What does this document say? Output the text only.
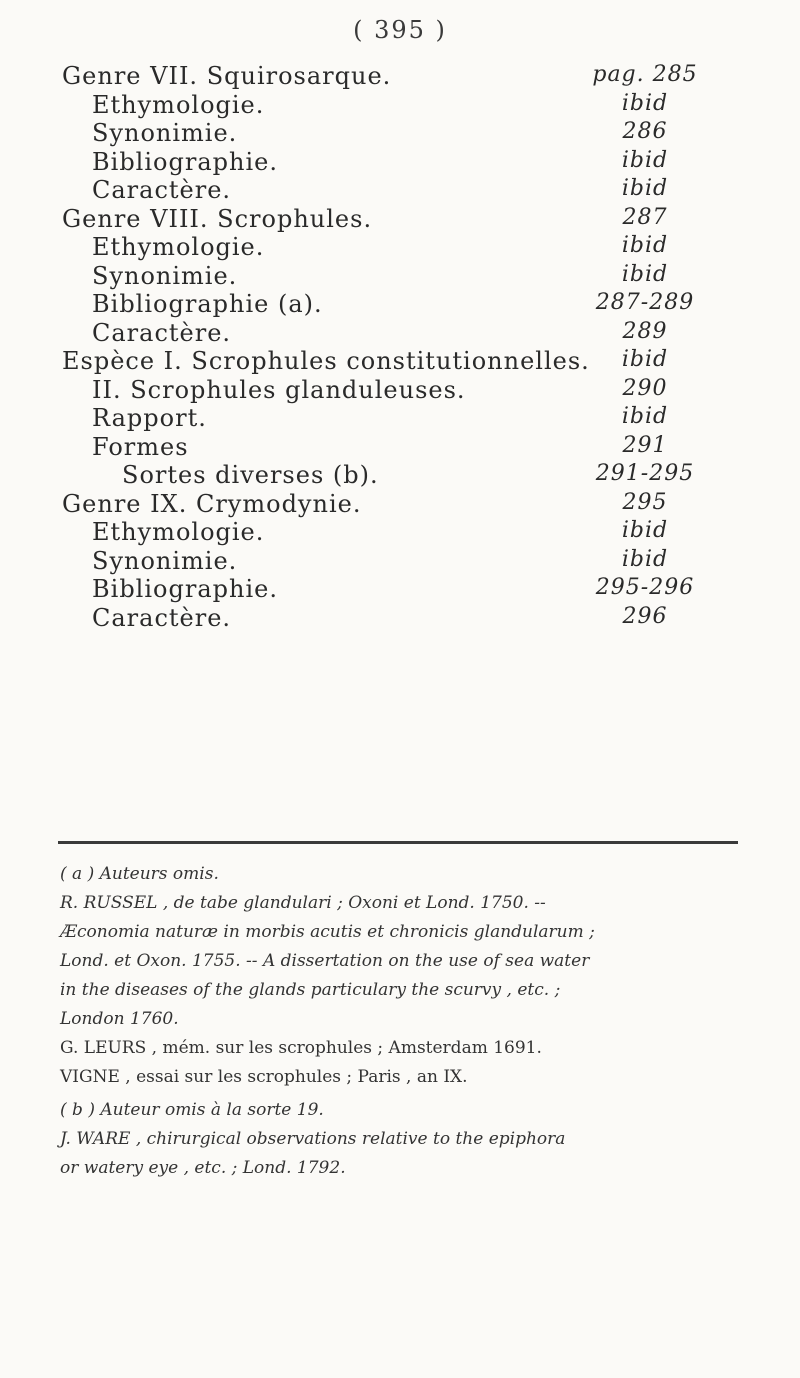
( 395 )
Genre VII. Squirosarque.	pag. 285
Ethymologie.	ibid
Synonimie.	286
Bibliographie.	ibid
Caractère.	ibid
Genre VIII. Scrophules.	287
Ethymologie.	ibid
Synonimie.	ibid
Bibliographie (a).	287-289
Caractère.	289
Espèce I. Scrophules constitutionnelles.	ibid
II. Scrophules glanduleuses.	290
Rapport.	ibid
Formes	291
Sortes diverses (b).	291-295
Genre IX. Crymodynie.	295
Ethymologie.	ibid
Synonimie.	ibid
Bibliographie.	295-296
Caractère.	296
( a ) Auteurs omis.
R. RUSSEL , de tabe glandulari ; Oxoni et Lond. 1750. --
Æconomia naturæ in morbis acutis et chronicis glandularum ;
Lond. et Oxon. 1755. -- A dissertation on the use of sea water
in the diseases of the glands particulary the scurvy , etc. ;
London 1760.
G. LEURS , mém. sur les scrophules ; Amsterdam 1691.
VIGNE , essai sur les scrophules ; Paris , an IX.
( b ) Auteur omis à la sorte 19.
J. WARE , chirurgical observations relative to the epiphora
or watery eye , etc. ; Lond. 1792.
